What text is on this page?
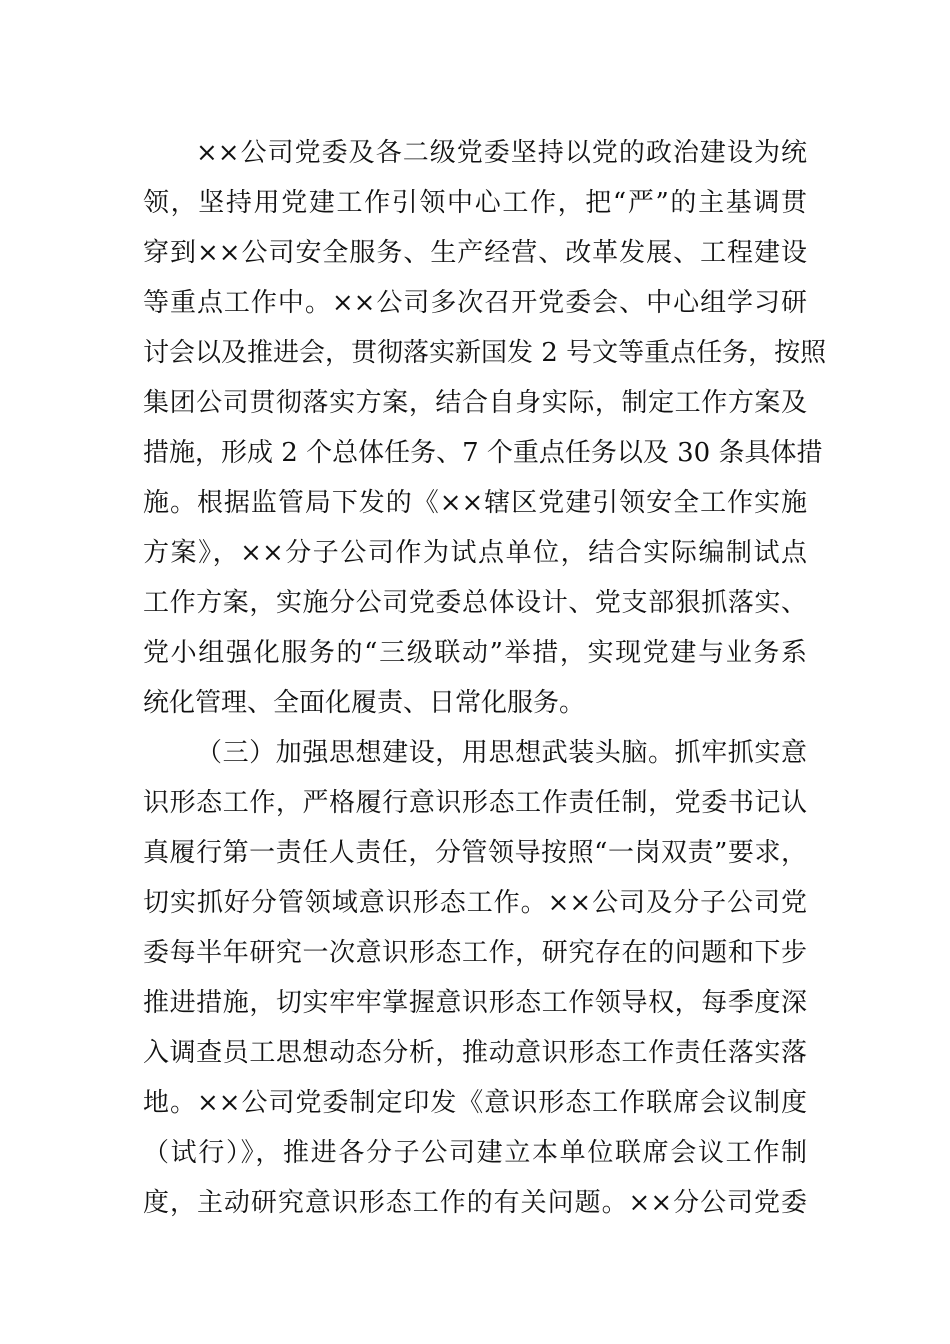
××公司党委及各二级党委坚持以党的政治建设为统
领，坚持用党建工作引领中心工作，把“严”的主基调贯
穿到××公司安全服务、生产经营、改革发展、工程建设
等重点工作中。××公司多次召开党委会、中心组学习研
讨会以及推进会，贯彻落实新国发 2 号文等重点任务，按照
集团公司贯彻落实方案，结合自身实际，制定工作方案及
措施，形成 2 个总体任务、7 个重点任务以及 30 条具体措
施。根据监管局下发的《××辖区党建引领安全工作实施
方案》，××分子公司作为试点单位，结合实际编制试点
工作方案，实施分公司党委总体设计、党支部狠抓落实、
党小组强化服务的“三级联动”举措，实现党建与业务系
统化管理、全面化履责、日常化服务。
（三）加强思想建设，用思想武装头脑。抓牢抓实意
识形态工作，严格履行意识形态工作责任制，党委书记认
真履行第一责任人责任，分管领导按照“一岗双责”要求，
切实抓好分管领域意识形态工作。××公司及分子公司党
委每半年研究一次意识形态工作，研究存在的问题和下步
推进措施，切实牢牢掌握意识形态工作领导权，每季度深
入调查员工思想动态分析，推动意识形态工作责任落实落
地。××公司党委制定印发《意识形态工作联席会议制度
（试行）》，推进各分子公司建立本单位联席会议工作制
度，主动研究意识形态工作的有关问题。××分公司党委
